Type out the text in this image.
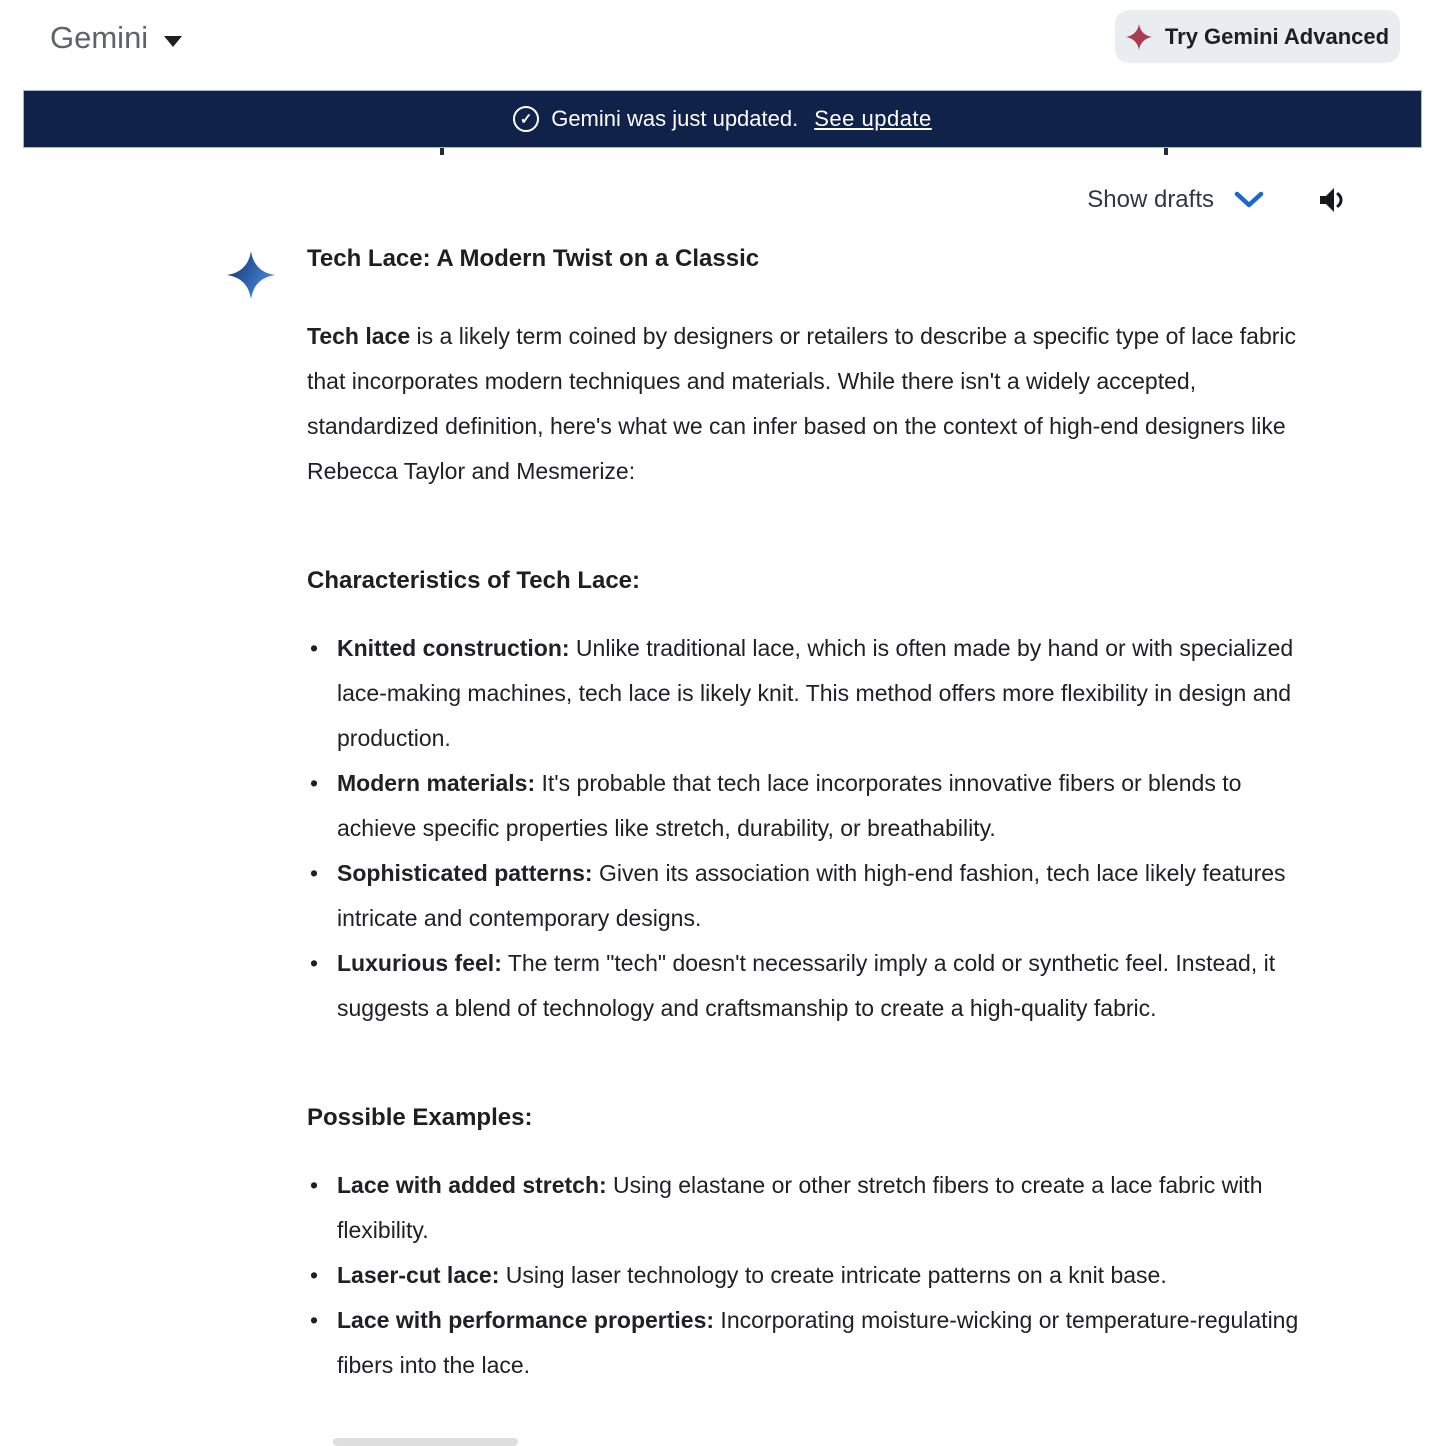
Gemini	Try Gemini Advanced
✓ Gemini was just updated. See update
Show drafts
Tech Lace: A Modern Twist on a Classic

Tech lace is a likely term coined by designers or retailers to describe a specific type of lace fabric that incorporates modern techniques and materials. While there isn't a widely accepted, standardized definition, here's what we can infer based on the context of high-end designers like Rebecca Taylor and Mesmerize:

Characteristics of Tech Lace:
• Knitted construction: Unlike traditional lace, which is often made by hand or with specialized lace-making machines, tech lace is likely knit. This method offers more flexibility in design and production.
• Modern materials: It's probable that tech lace incorporates innovative fibers or blends to achieve specific properties like stretch, durability, or breathability.
• Sophisticated patterns: Given its association with high-end fashion, tech lace likely features intricate and contemporary designs.
• Luxurious feel: The term "tech" doesn't necessarily imply a cold or synthetic feel. Instead, it suggests a blend of technology and craftsmanship to create a high-quality fabric.
Possible Examples:
• Lace with added stretch: Using elastane or other stretch fibers to create a lace fabric with flexibility.
• Laser-cut lace: Using laser technology to create intricate patterns on a knit base.
• Lace with performance properties: Incorporating moisture-wicking or temperature-regulating fibers into the lace.
